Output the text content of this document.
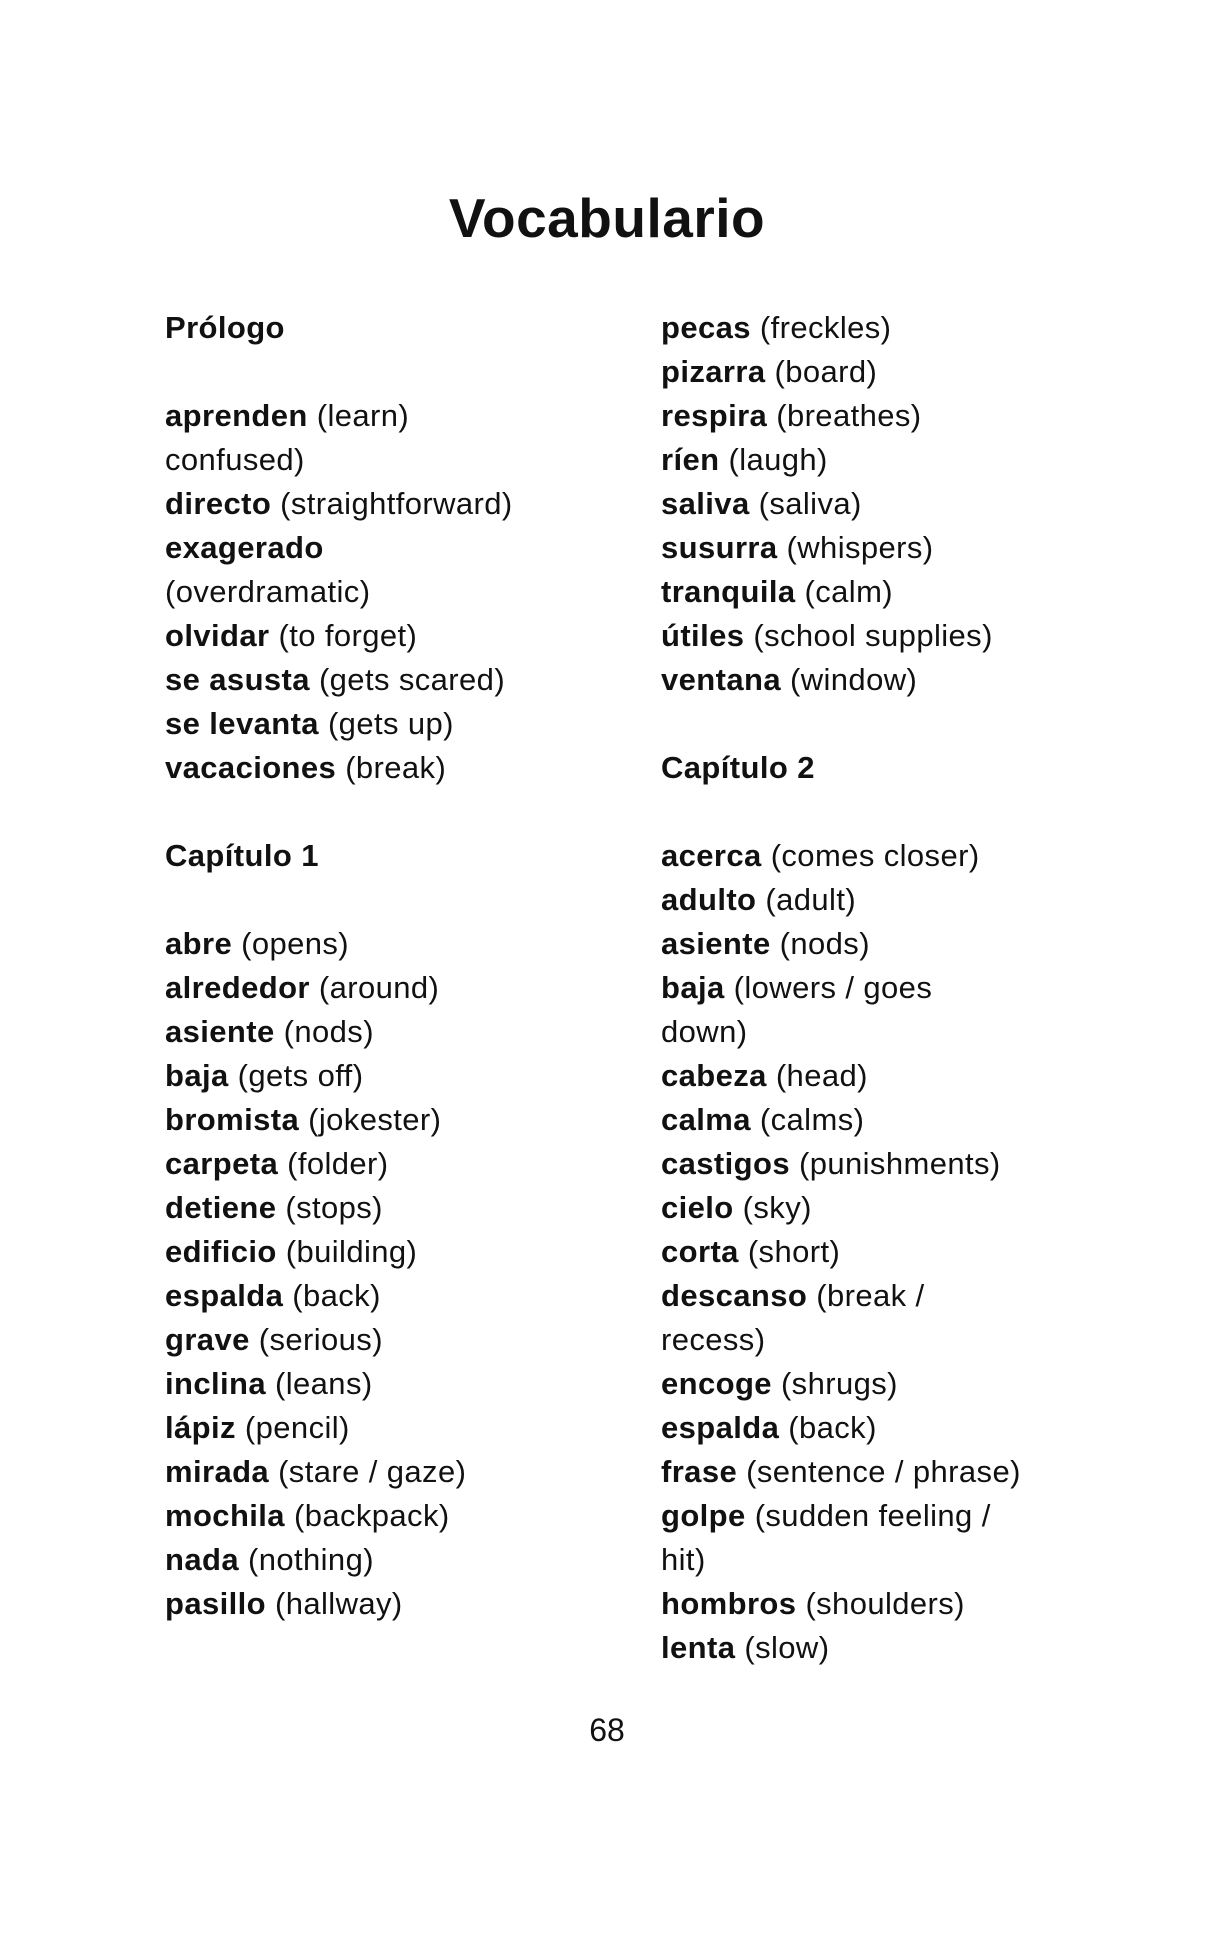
Vocabulario
Prólogo
aprenden (learn)
confused)
directo (straightforward)
exagerado
(overdramatic)
olvidar (to forget)
se asusta (gets scared)
se levanta (gets up)
vacaciones (break)
Capítulo 1
abre (opens)
alrededor (around)
asiente (nods)
baja (gets off)
bromista (jokester)
carpeta (folder)
detiene (stops)
edificio (building)
espalda (back)
grave (serious)
inclina (leans)
lápiz (pencil)
mirada (stare / gaze)
mochila (backpack)
nada (nothing)
pasillo (hallway)
pecas (freckles)
pizarra (board)
respira (breathes)
ríen (laugh)
saliva (saliva)
susurra (whispers)
tranquila (calm)
útiles (school supplies)
ventana (window)
Capítulo 2
acerca (comes closer)
adulto (adult)
asiente (nods)
baja (lowers / goes
down)
cabeza (head)
calma (calms)
castigos (punishments)
cielo (sky)
corta (short)
descanso (break /
recess)
encoge (shrugs)
espalda (back)
frase (sentence / phrase)
golpe (sudden feeling /
hit)
hombros (shoulders)
lenta (slow)
68
